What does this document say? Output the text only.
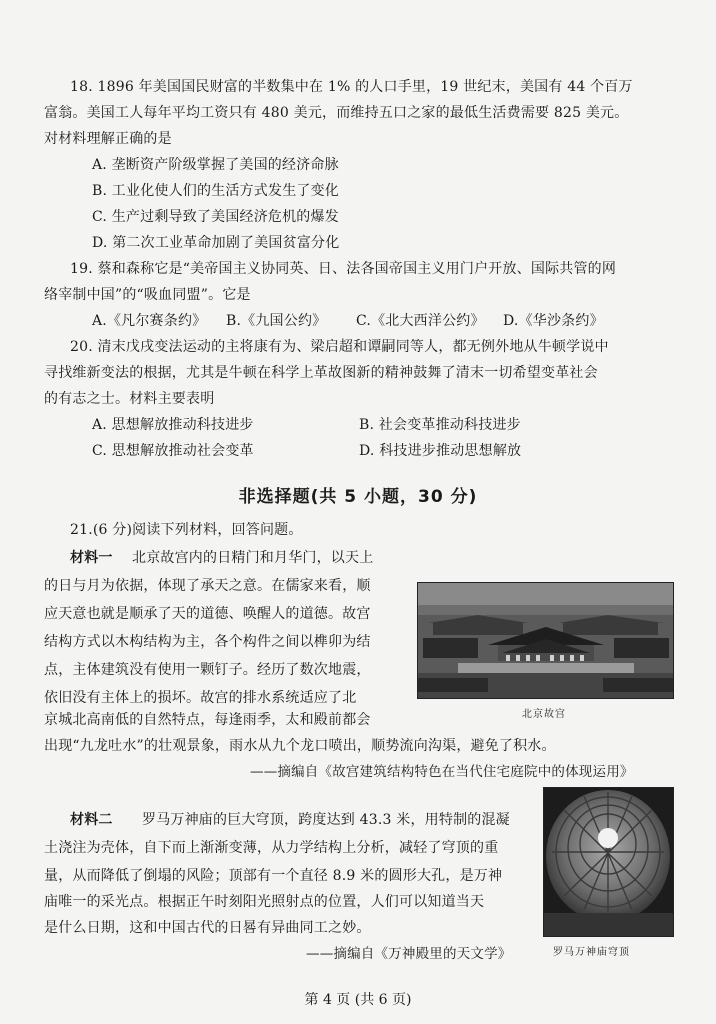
18. 1896 年美国国民财富的半数集中在 1% 的人口手里，19 世纪末，美国有 44 个百万
富翁。美国工人每年平均工资只有 480 美元，而维持五口之家的最低生活费需要 825 美元。
对材料理解正确的是
A. 垄断资产阶级掌握了美国的经济命脉
B. 工业化使人们的生活方式发生了变化
C. 生产过剩导致了美国经济危机的爆发
D. 第二次工业革命加剧了美国贫富分化
19. 蔡和森称它是“美帝国主义协同英、日、法各国帝国主义用门户开放、国际共管的网
络宰制中国”的“吸血同盟”。它是
A.《凡尔赛条约》 B.《九国公约》 C.《北大西洋公约》 D.《华沙条约》
20. 清末戊戌变法运动的主将康有为、梁启超和谭嗣同等人，都无例外地从牛顿学说中
寻找维新变法的根据，尤其是牛顿在科学上革故图新的精神鼓舞了清末一切希望变革社会
的有志之士。材料主要表明
A. 思想解放推动科技进步	B. 社会变革推动科技进步
C. 思想解放推动社会变革	D. 科技进步推动思想解放
非选择题(共 5 小题，30 分)
21.(6 分)阅读下列材料，回答问题。
材料一 北京故宫内的日精门和月华门，以天上
的日与月为依据，体现了承天之意。在儒家来看，顺
应天意也就是顺承了天的道德、唤醒人的道德。故宫
结构方式以木构结构为主，各个构件之间以榫卯为结
点，主体建筑没有使用一颗钉子。经历了数次地震，
依旧没有主体上的损坏。故宫的排水系统适应了北
京城北高南低的自然特点，每逢雨季，太和殿前都会
出现“九龙吐水”的壮观景象，雨水从九个龙口喷出，顺势流向沟渠，避免了积水。
——摘编自《故宫建筑结构特色在当代住宅庭院中的体现运用》
北京故宫
材料二 罗马万神庙的巨大穹顶，跨度达到 43.3 米，用特制的混凝
土浇注为壳体，自下而上渐渐变薄，从力学结构上分析，减轻了穹顶的重
量，从而降低了倒塌的风险；顶部有一个直径 8.9 米的圆形大孔，是万神
庙唯一的采光点。根据正午时刻阳光照射点的位置，人们可以知道当天
是什么日期，这和中国古代的日晷有异曲同工之妙。
——摘编自《万神殿里的天文学》	罗马万神庙穹顶
第 4 页 (共 6 页)
